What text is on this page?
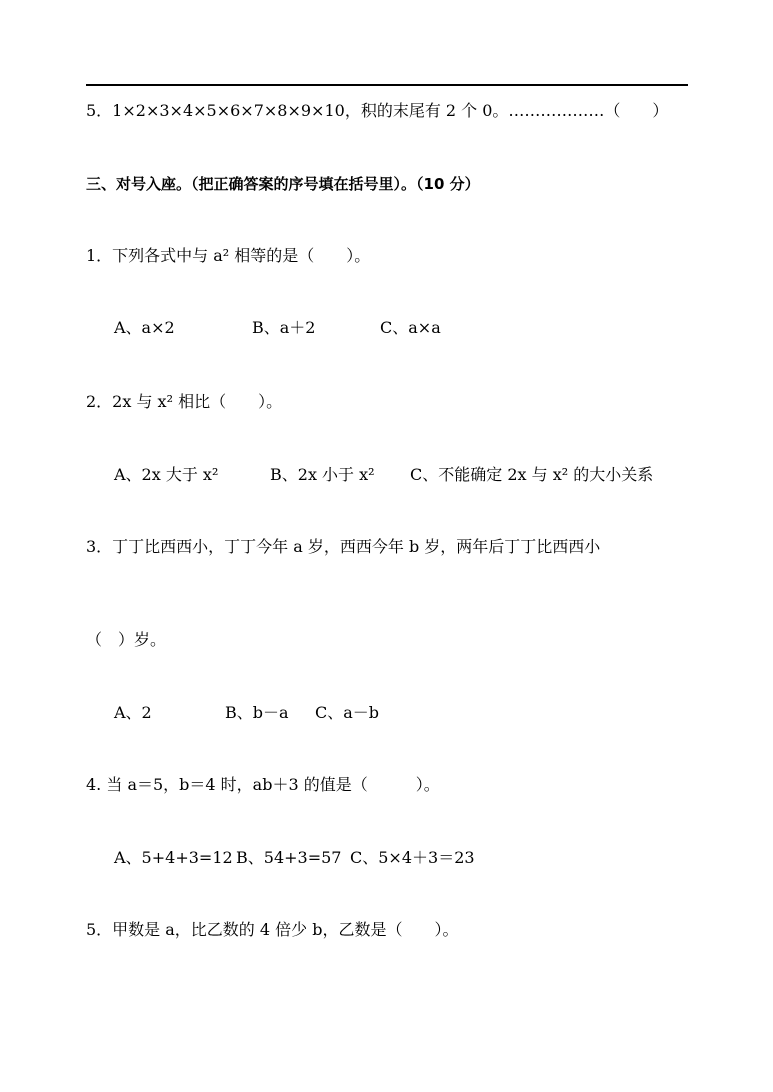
5．1×2×3×4×5×6×7×8×9×10，积的末尾有 2 个 0。………………（　　）
三、对号入座。（把正确答案的序号填在括号里）。（10 分）
1．下列各式中与 a² 相等的是（　　）。
A、a×2	B、a＋2	C、a×a
2．2x 与 x² 相比（　　）。
A、2x 大于 x²	B、2x 小于 x² C、不能确定 2x 与 x² 的大小关系
3．丁丁比西西小，丁丁今年 a 岁，西西今年 b 岁，两年后丁丁比西西小
（　）岁。
A、2	B、b－a C、a－b
4. 当 a＝5，b＝4 时，ab＋3 的值是（　　　）。
A、5+4+3=12 B、54+3=57 C、5×4＋3＝23
5．甲数是 a，比乙数的 4 倍少 b，乙数是（　　）。
